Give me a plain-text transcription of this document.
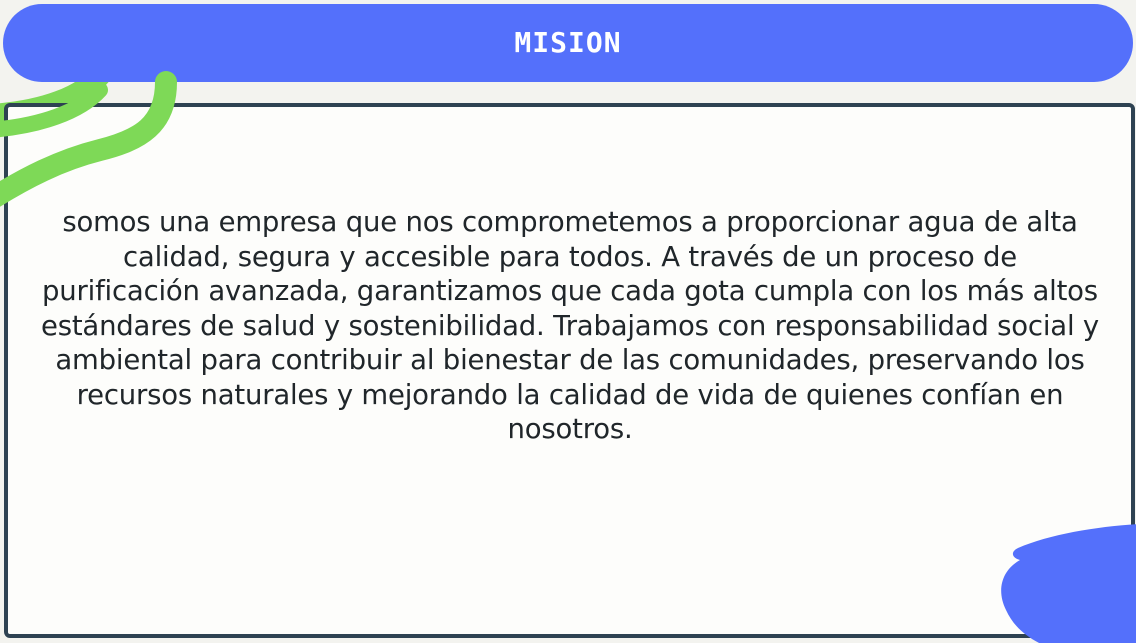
MISION

somos una empresa que nos comprometemos a proporcionar agua de alta calidad, segura y accesible para todos. A través de un proceso de purificación avanzada, garantizamos que cada gota cumpla con los más altos estándares de salud y sostenibilidad. Trabajamos con responsabilidad social y ambiental para contribuir al bienestar de las comunidades, preservando los recursos naturales y mejorando la calidad de vida de quienes confían en nosotros.
